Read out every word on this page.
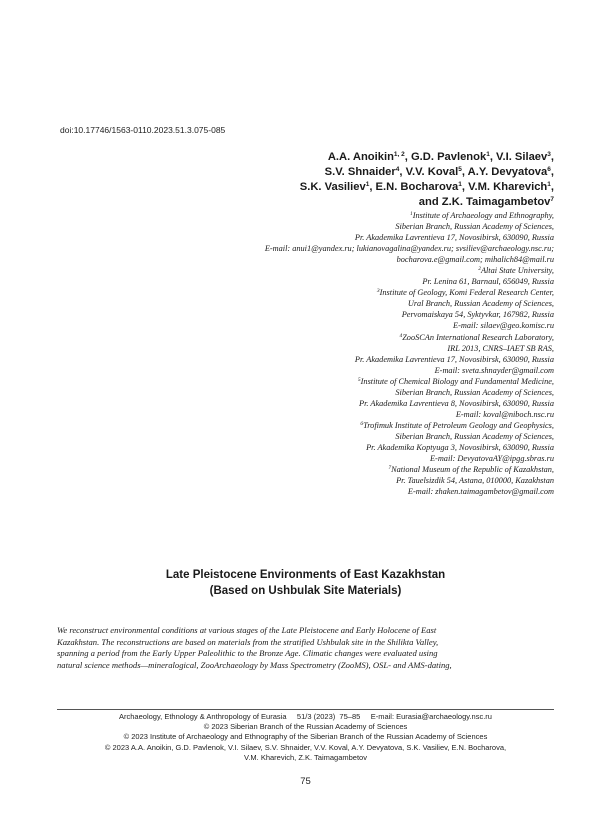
doi:10.17746/1563-0110.2023.51.3.075-085
A.A. Anoikin$^{1, 2}$, G.D. Pavlenok$^1$, V.I. Silaev$^3$,
S.V. Shnaider$^4$, V.V. Koval$^5$, A.Y. Devyatova$^6$,
S.K. Vasiliev$^1$, E.N. Bocharova$^1$, V.M. Kharevich$^1$,
and Z.K. Taimagambetov$^7$
$^1$Institute of Archaeology and Ethnography,
Siberian Branch, Russian Academy of Sciences,
Pr. Akademika Lavrentieva 17, Novosibirsk, 630090, Russia
E-mail: anui1@yandex.ru; lukianovagalina@yandex.ru; svsiliev@archaeology.nsc.ru;
bocharova.e@gmail.com; mihalich84@mail.ru
$^2$Altai State University,
Pr. Lenina 61, Barnaul, 656049, Russia
$^3$Institute of Geology, Komi Federal Research Center,
Ural Branch, Russian Academy of Sciences,
Pervomaiskaya 54, Syktyvkar, 167982, Russia
E-mail: silaev@geo.komisc.ru
$^4$ZooSCAn International Research Laboratory,
IRL 2013, CNRS–IAET SB RAS,
Pr. Akademika Lavrentieva 17, Novosibirsk, 630090, Russia
E-mail: sveta.shnayder@gmail.com
$^5$Institute of Chemical Biology and Fundamental Medicine,
Siberian Branch, Russian Academy of Sciences,
Pr. Akademika Lavrentieva 8, Novosibirsk, 630090, Russia
E-mail: koval@niboch.nsc.ru
$^6$Trofimuk Institute of Petroleum Geology and Geophysics,
Siberian Branch, Russian Academy of Sciences,
Pr. Akademika Koptyuga 3, Novosibirsk, 630090, Russia
E-mail: DevyatovaAY@ipgg.sbras.ru
$^7$National Museum of the Republic of Kazakhstan,
Pr. Tauelsizdik 54, Astana, 010000, Kazakhstan
E-mail: zhaken.taimagambetov@gmail.com
Late Pleistocene Environments of East Kazakhstan
(Based on Ushbulak Site Materials)
We reconstruct environmental conditions at various stages of the Late Pleistocene and Early Holocene of East
Kazakhstan. The reconstructions are based on materials from the stratified Ushbulak site in the Shilikta Valley,
spanning a period from the Early Upper Paleolithic to the Bronze Age. Climatic changes were evaluated using
natural science methods—mineralogical, ZooArchaeology by Mass Spectrometry (ZooMS), OSL- and AMS-dating,
Archaeology, Ethnology & Anthropology of Eurasia     51/3 (2023)  75–85     E-mail: Eurasia@archaeology.nsc.ru
© 2023 Siberian Branch of the Russian Academy of Sciences
© 2023 Institute of Archaeology and Ethnography of the Siberian Branch of the Russian Academy of Sciences
© 2023 A.A. Anoikin, G.D. Pavlenok, V.I. Silaev, S.V. Shnaider, V.V. Koval, A.Y. Devyatova, S.K. Vasiliev, E.N. Bocharova,
V.M. Kharevich, Z.K. Taimagambetov
75
